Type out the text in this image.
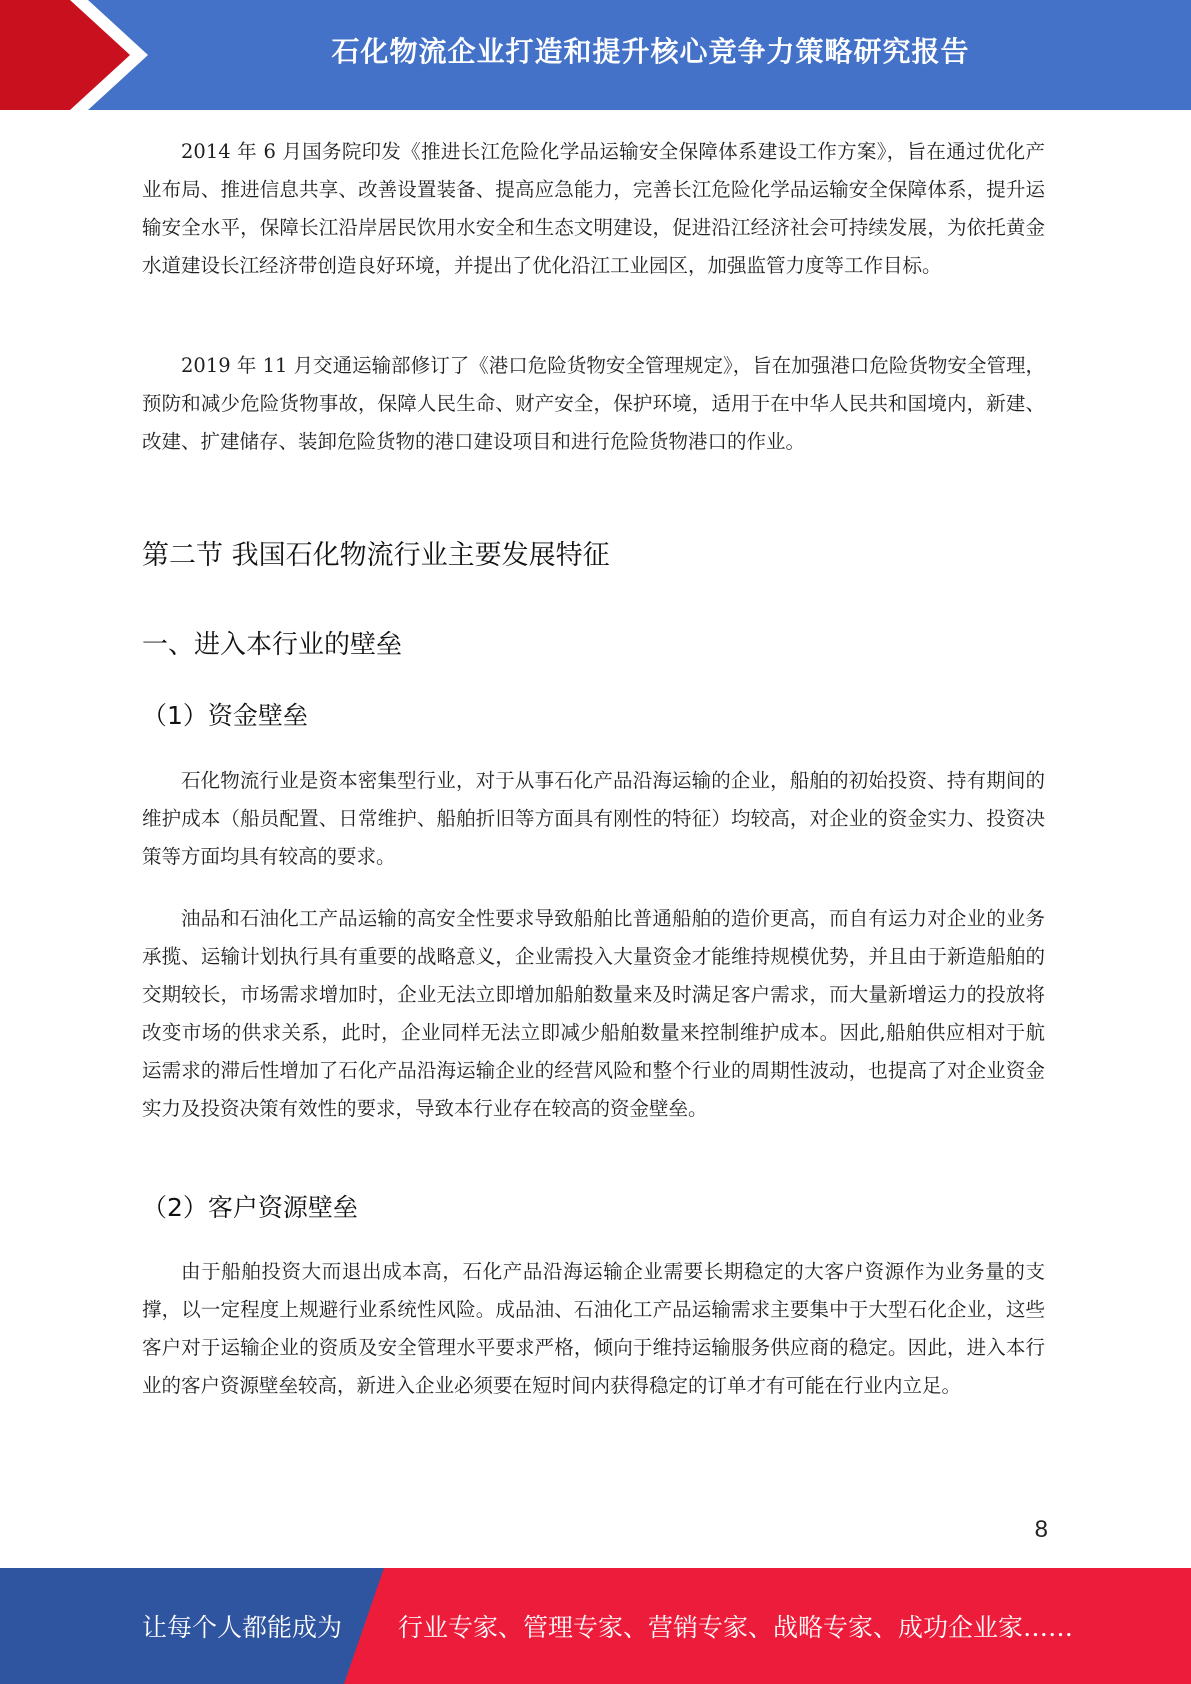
石化物流企业打造和提升核心竞争力策略研究报告

2014 年 6 月国务院印发《推进长江危险化学品运输安全保障体系建设工作方案》，旨在通过优化产业布局、推进信息共享、改善设置装备、提高应急能力，完善长江危险化学品运输安全保障体系，提升运输安全水平，保障长江沿岸居民饮用水安全和生态文明建设，促进沿江经济社会可持续发展，为依托黄金水道建设长江经济带创造良好环境，并提出了优化沿江工业园区，加强监管力度等工作目标。

2019 年 11 月交通运输部修订了《港口危险货物安全管理规定》，旨在加强港口危险货物安全管理，预防和减少危险货物事故，保障人民生命、财产安全，保护环境，适用于在中华人民共和国境内，新建、改建、扩建储存、装卸危险货物的港口建设项目和进行危险货物港口的作业。

第二节 我国石化物流行业主要发展特征
一、进入本行业的壁垒
（1）资金壁垒

石化物流行业是资本密集型行业，对于从事石化产品沿海运输的企业，船舶的初始投资、持有期间的维护成本（船员配置、日常维护、船舶折旧等方面具有刚性的特征）均较高，对企业的资金实力、投资决策等方面均具有较高的要求。

油品和石油化工产品运输的高安全性要求导致船舶比普通船舶的造价更高，而自有运力对企业的业务承揽、运输计划执行具有重要的战略意义，企业需投入大量资金才能维持规模优势，并且由于新造船舶的交期较长，市场需求增加时，企业无法立即增加船舶数量来及时满足客户需求，而大量新增运力的投放将改变市场的供求关系，此时，企业同样无法立即减少船舶数量来控制维护成本。因此,船舶供应相对于航运需求的滞后性增加了石化产品沿海运输企业的经营风险和整个行业的周期性波动，也提高了对企业资金实力及投资决策有效性的要求，导致本行业存在较高的资金壁垒。

（2）客户资源壁垒

由于船舶投资大而退出成本高，石化产品沿海运输企业需要长期稳定的大客户资源作为业务量的支撑，以一定程度上规避行业系统性风险。成品油、石油化工产品运输需求主要集中于大型石化企业，这些客户对于运输企业的资质及安全管理水平要求严格，倾向于维持运输服务供应商的稳定。因此，进入本行业的客户资源壁垒较高，新进入企业必须要在短时间内获得稳定的订单才有可能在行业内立足。

8
让每个人都能成为 行业专家、管理专家、营销专家、战略专家、成功企业家……
